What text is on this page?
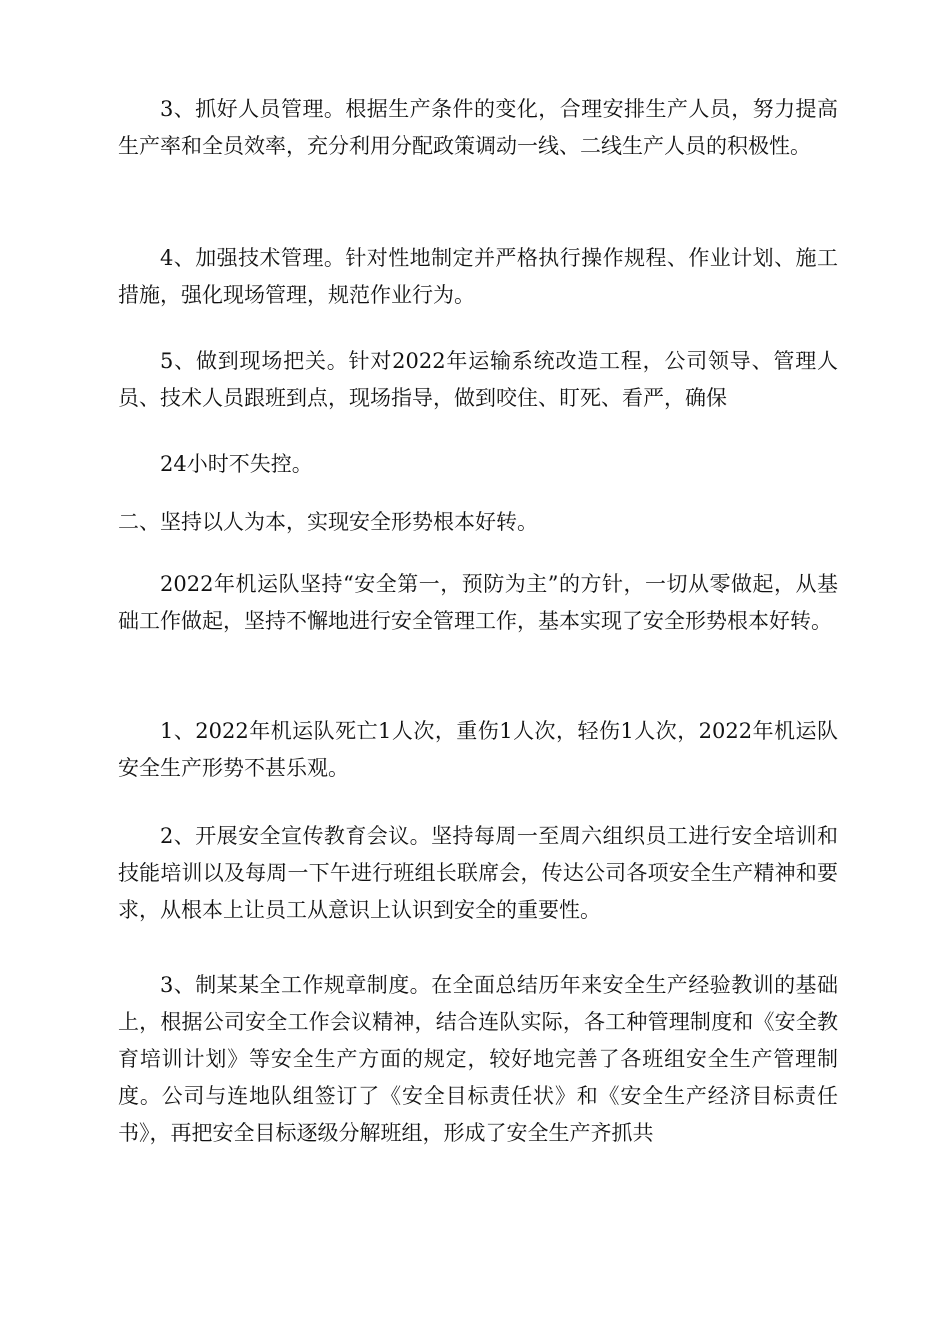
3、抓好人员管理。根据生产条件的变化，合理安排生产人员，努力提高生产率和全员效率，充分利用分配政策调动一线、二线生产人员的积极性。

4、加强技术管理。针对性地制定并严格执行操作规程、作业计划、施工措施，强化现场管理，规范作业行为。

5、做到现场把关。针对2022年运输系统改造工程，公司领导、管理人员、技术人员跟班到点，现场指导，做到咬住、盯死、看严，确保

24小时不失控。

二、坚持以人为本，实现安全形势根本好转。

2022年机运队坚持“安全第一，预防为主”的方针，一切从零做起，从基础工作做起，坚持不懈地进行安全管理工作，基本实现了安全形势根本好转。

1、2022年机运队死亡1人次，重伤1人次，轻伤1人次，2022年机运队安全生产形势不甚乐观。

2、开展安全宣传教育会议。坚持每周一至周六组织员工进行安全培训和技能培训以及每周一下午进行班组长联席会，传达公司各项安全生产精神和要求，从根本上让员工从意识上认识到安全的重要性。

3、制某某全工作规章制度。在全面总结历年来安全生产经验教训的基础上，根据公司安全工作会议精神，结合连队实际，各工种管理制度和《安全教育培训计划》等安全生产方面的规定，较好地完善了各班组安全生产管理制度。公司与连地队组签订了《安全目标责任状》和《安全生产经济目标责任书》，再把安全目标逐级分解班组，形成了安全生产齐抓共
